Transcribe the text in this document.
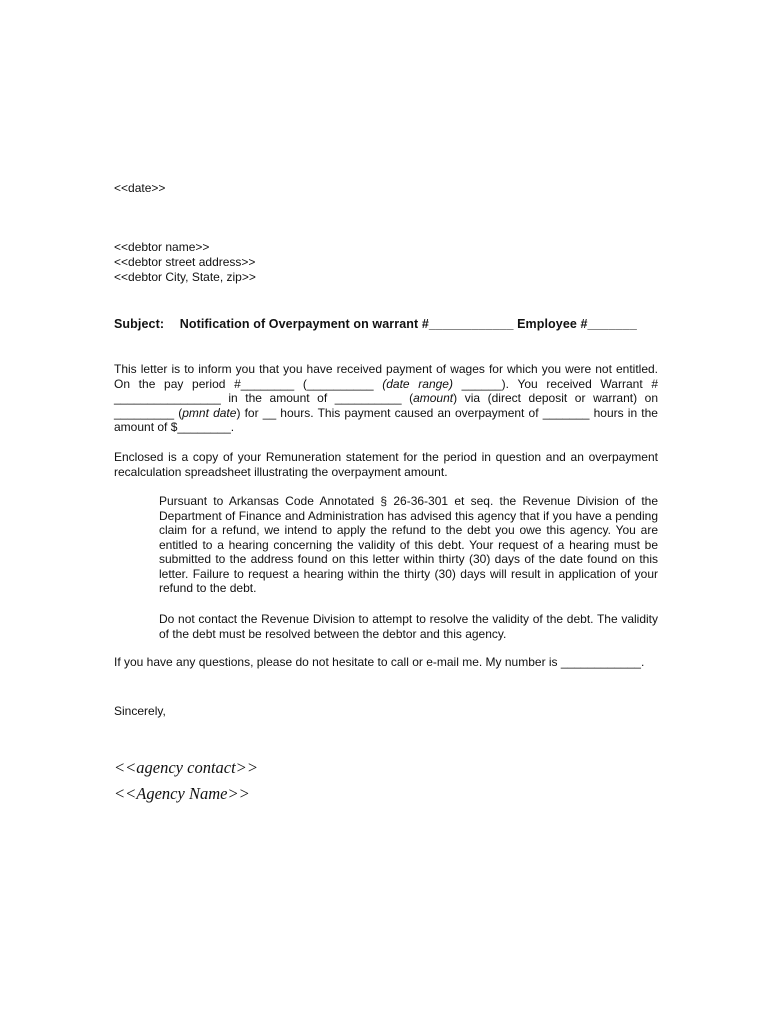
<<date>>
<<debtor name>>
<<debtor street address>>
<<debtor City, State, zip>>
Subject: Notification of Overpayment on warrant #____________ Employee #_______
This letter is to inform you that you have received payment of wages for which you were not entitled.
On the pay period #________ (__________ (date range) ______). You received Warrant #
________________ in the amount of __________ (amount) via (direct deposit or warrant) on
_________ (pmnt date) for __ hours. This payment caused an overpayment of _______ hours in the
amount of $________.
Enclosed is a copy of your Remuneration statement for the period in question and an overpayment
recalculation spreadsheet illustrating the overpayment amount.
Pursuant to Arkansas Code Annotated § 26-36-301 et seq. the Revenue Division of the
Department of Finance and Administration has advised this agency that if you have a pending
claim for a refund, we intend to apply the refund to the debt you owe this agency. You are
entitled to a hearing concerning the validity of this debt. Your request of a hearing must be
submitted to the address found on this letter within thirty (30) days of the date found on this
letter. Failure to request a hearing within the thirty (30) days will result in application of your
refund to the debt.
Do not contact the Revenue Division to attempt to resolve the validity of the debt. The validity
of the debt must be resolved between the debtor and this agency.
If you have any questions, please do not hesitate to call or e-mail me. My number is ____________.
Sincerely,
<<agency contact>>
<<Agency Name>>
